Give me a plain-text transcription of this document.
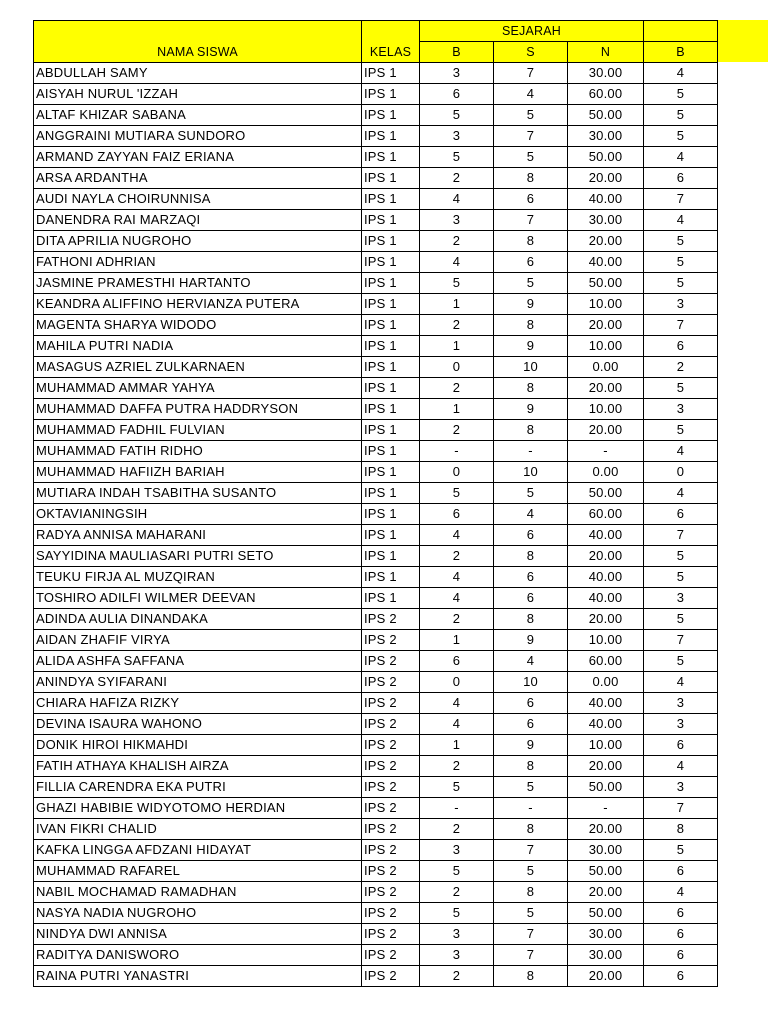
NAMA SISWA	KELAS	SEJARAH			
		B	S	N	B
ABDULLAH SAMY	IPS 1	3	7	30.00	4
AISYAH NURUL 'IZZAH	IPS 1	6	4	60.00	5
ALTAF KHIZAR SABANA	IPS 1	5	5	50.00	5
ANGGRAINI MUTIARA SUNDORO	IPS 1	3	7	30.00	5
ARMAND ZAYYAN FAIZ ERIANA	IPS 1	5	5	50.00	4
ARSA ARDANTHA	IPS 1	2	8	20.00	6
AUDI NAYLA CHOIRUNNISA	IPS 1	4	6	40.00	7
DANENDRA RAI MARZAQI	IPS 1	3	7	30.00	4
DITA APRILIA NUGROHO	IPS 1	2	8	20.00	5
FATHONI ADHRIAN	IPS 1	4	6	40.00	5
JASMINE PRAMESTHI HARTANTO	IPS 1	5	5	50.00	5
KEANDRA ALIFFINO HERVIANZA PUTERA	IPS 1	1	9	10.00	3
MAGENTA SHARYA WIDODO	IPS 1	2	8	20.00	7
MAHILA PUTRI NADIA	IPS 1	1	9	10.00	6
MASAGUS AZRIEL ZULKARNAEN	IPS 1	0	10	0.00	2
MUHAMMAD AMMAR YAHYA	IPS 1	2	8	20.00	5
MUHAMMAD DAFFA PUTRA HADDRYSON	IPS 1	1	9	10.00	3
MUHAMMAD FADHIL FULVIAN	IPS 1	2	8	20.00	5
MUHAMMAD FATIH RIDHO	IPS 1	-	-	-	4
MUHAMMAD HAFIIZH BARIAH	IPS 1	0	10	0.00	0
MUTIARA INDAH TSABITHA SUSANTO	IPS 1	5	5	50.00	4
OKTAVIANINGSIH	IPS 1	6	4	60.00	6
RADYA ANNISA MAHARANI	IPS 1	4	6	40.00	7
SAYYIDINA MAULIASARI PUTRI SETO	IPS 1	2	8	20.00	5
TEUKU FIRJA AL MUZQIRAN	IPS 1	4	6	40.00	5
TOSHIRO ADILFI WILMER DEEVAN	IPS 1	4	6	40.00	3
ADINDA AULIA DINANDAKA	IPS 2	2	8	20.00	5
AIDAN ZHAFIF VIRYA	IPS 2	1	9	10.00	7
ALIDA ASHFA SAFFANA	IPS 2	6	4	60.00	5
ANINDYA SYIFARANI	IPS 2	0	10	0.00	4
CHIARA HAFIZA RIZKY	IPS 2	4	6	40.00	3
DEVINA ISAURA WAHONO	IPS 2	4	6	40.00	3
DONIK HIROI HIKMAHDI	IPS 2	1	9	10.00	6
FATIH ATHAYA KHALISH AIRZA	IPS 2	2	8	20.00	4
FILLIA CARENDRA EKA PUTRI	IPS 2	5	5	50.00	3
GHAZI HABIBIE WIDYOTOMO HERDIAN	IPS 2	-	-	-	7
IVAN FIKRI CHALID	IPS 2	2	8	20.00	8
KAFKA LINGGA AFDZANI HIDAYAT	IPS 2	3	7	30.00	5
MUHAMMAD RAFAREL	IPS 2	5	5	50.00	6
NABIL MOCHAMAD RAMADHAN	IPS 2	2	8	20.00	4
NASYA NADIA NUGROHO	IPS 2	5	5	50.00	6
NINDYA DWI ANNISA	IPS 2	3	7	30.00	6
RADITYA DANISWORO	IPS 2	3	7	30.00	6
RAINA PUTRI YANASTRI	IPS 2	2	8	20.00	6
